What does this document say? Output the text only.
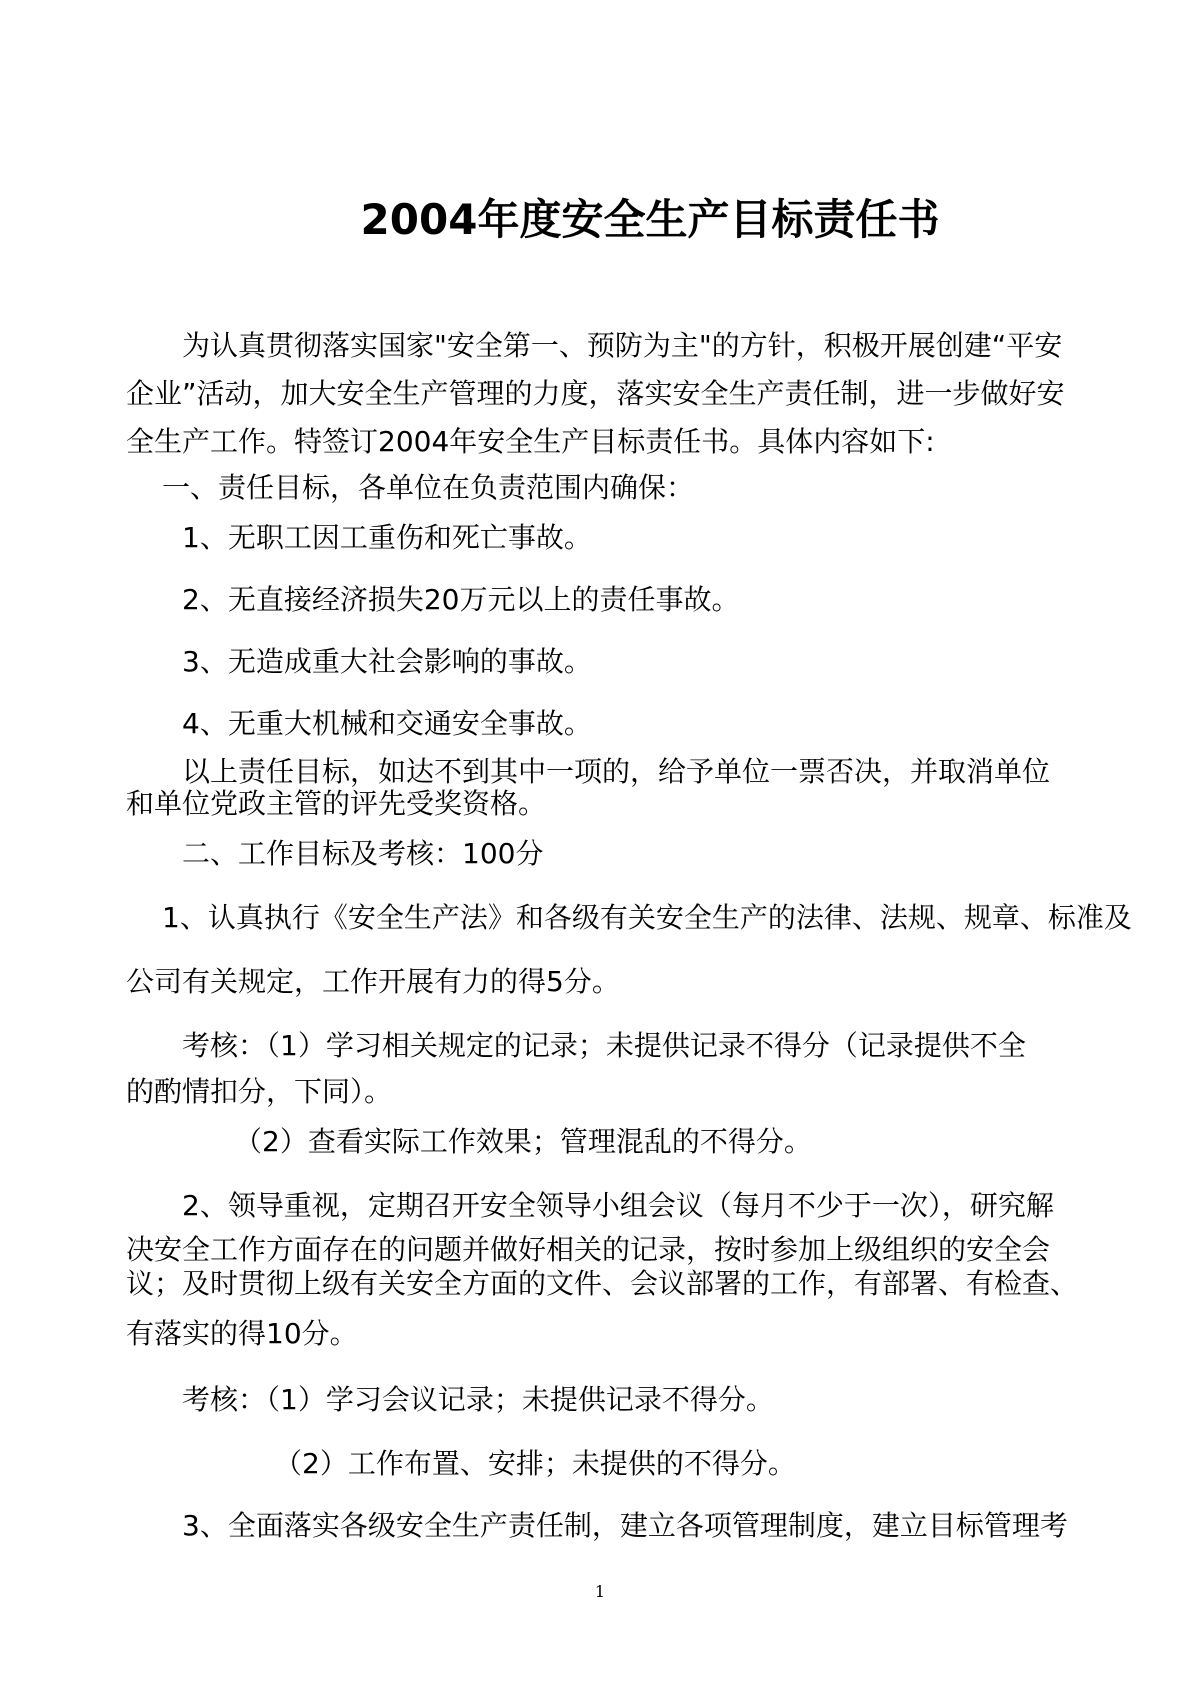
2004年度安全生产目标责任书
为认真贯彻落实国家"安全第一、预防为主"的方针，积极开展创建“平安
企业”活动，加大安全生产管理的力度，落实安全生产责任制，进一步做好安
全生产工作。特签订2004年安全生产目标责任书。具体内容如下:
一、责任目标，各单位在负责范围内确保：
1、无职工因工重伤和死亡事故。
2、无直接经济损失20万元以上的责任事故。
3、无造成重大社会影响的事故。
4、无重大机械和交通安全事故。
以上责任目标，如达不到其中一项的，给予单位一票否决，并取消单位
和单位党政主管的评先受奖资格。
二、工作目标及考核：100分
1、认真执行《安全生产法》和各级有关安全生产的法律、法规、规章、标准及
公司有关规定，工作开展有力的得5分。
考核：（1）学习相关规定的记录；未提供记录不得分（记录提供不全
的酌情扣分，下同）。
（2）查看实际工作效果；管理混乱的不得分。
2、领导重视，定期召开安全领导小组会议（每月不少于一次），研究解
决安全工作方面存在的问题并做好相关的记录，按时参加上级组织的安全会
议；及时贯彻上级有关安全方面的文件、会议部署的工作，有部署、有检查、
有落实的得10分。
考核：（1）学习会议记录；未提供记录不得分。
（2）工作布置、安排；未提供的不得分。
3、全面落实各级安全生产责任制，建立各项管理制度，建立目标管理考
1
